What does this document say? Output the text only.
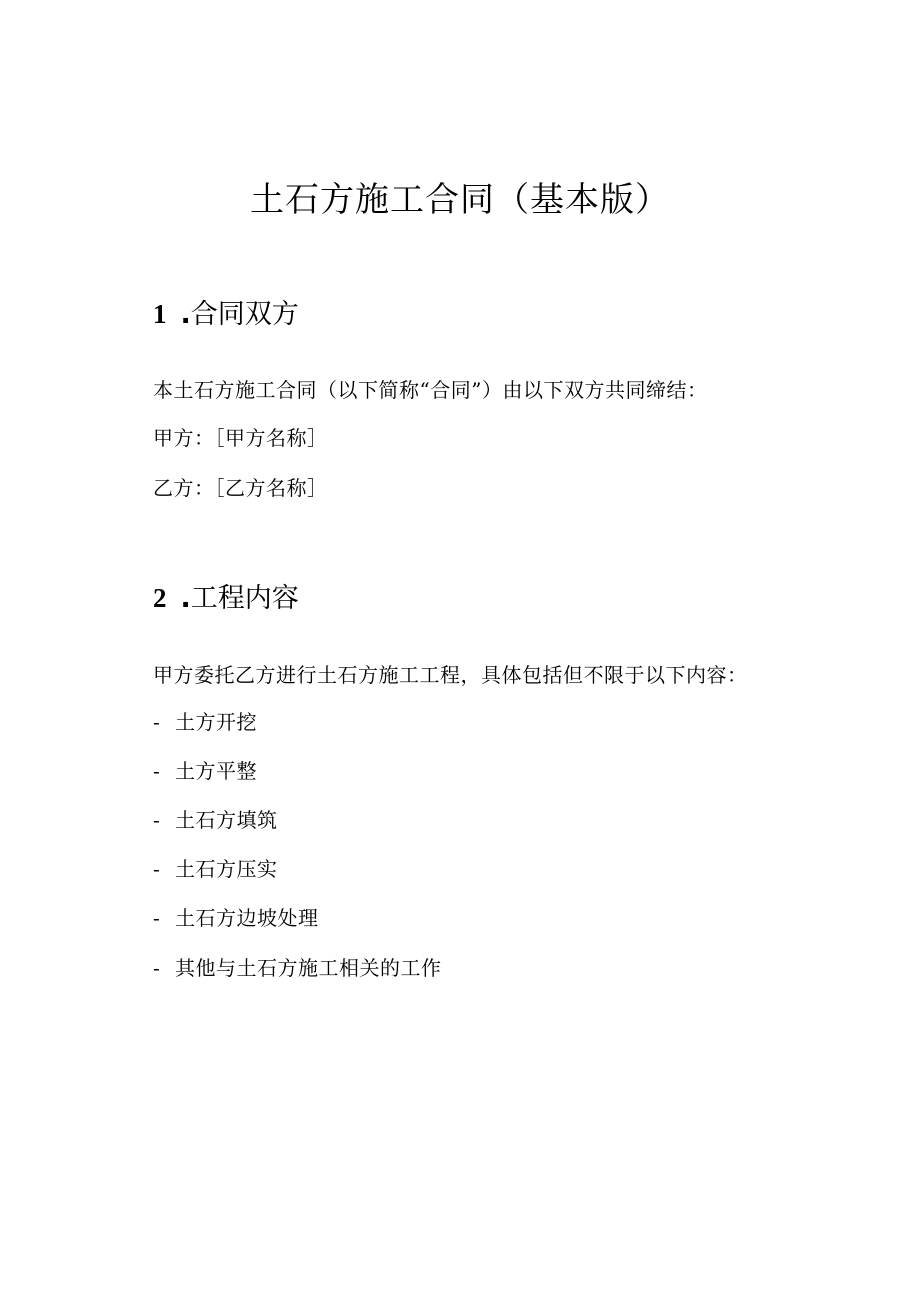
土石方施工合同（基本版）
1 .合同双方

本土石方施工合同（以下简称“合同”）由以下双方共同缔结：

甲方：［甲方名称］

乙方：［乙方名称］

2 .工程内容

甲方委托乙方进行土石方施工工程，具体包括但不限于以下内容：

- 土方开挖

- 土方平整

- 土石方填筑

- 土石方压实

- 土石方边坡处理

- 其他与土石方施工相关的工作
